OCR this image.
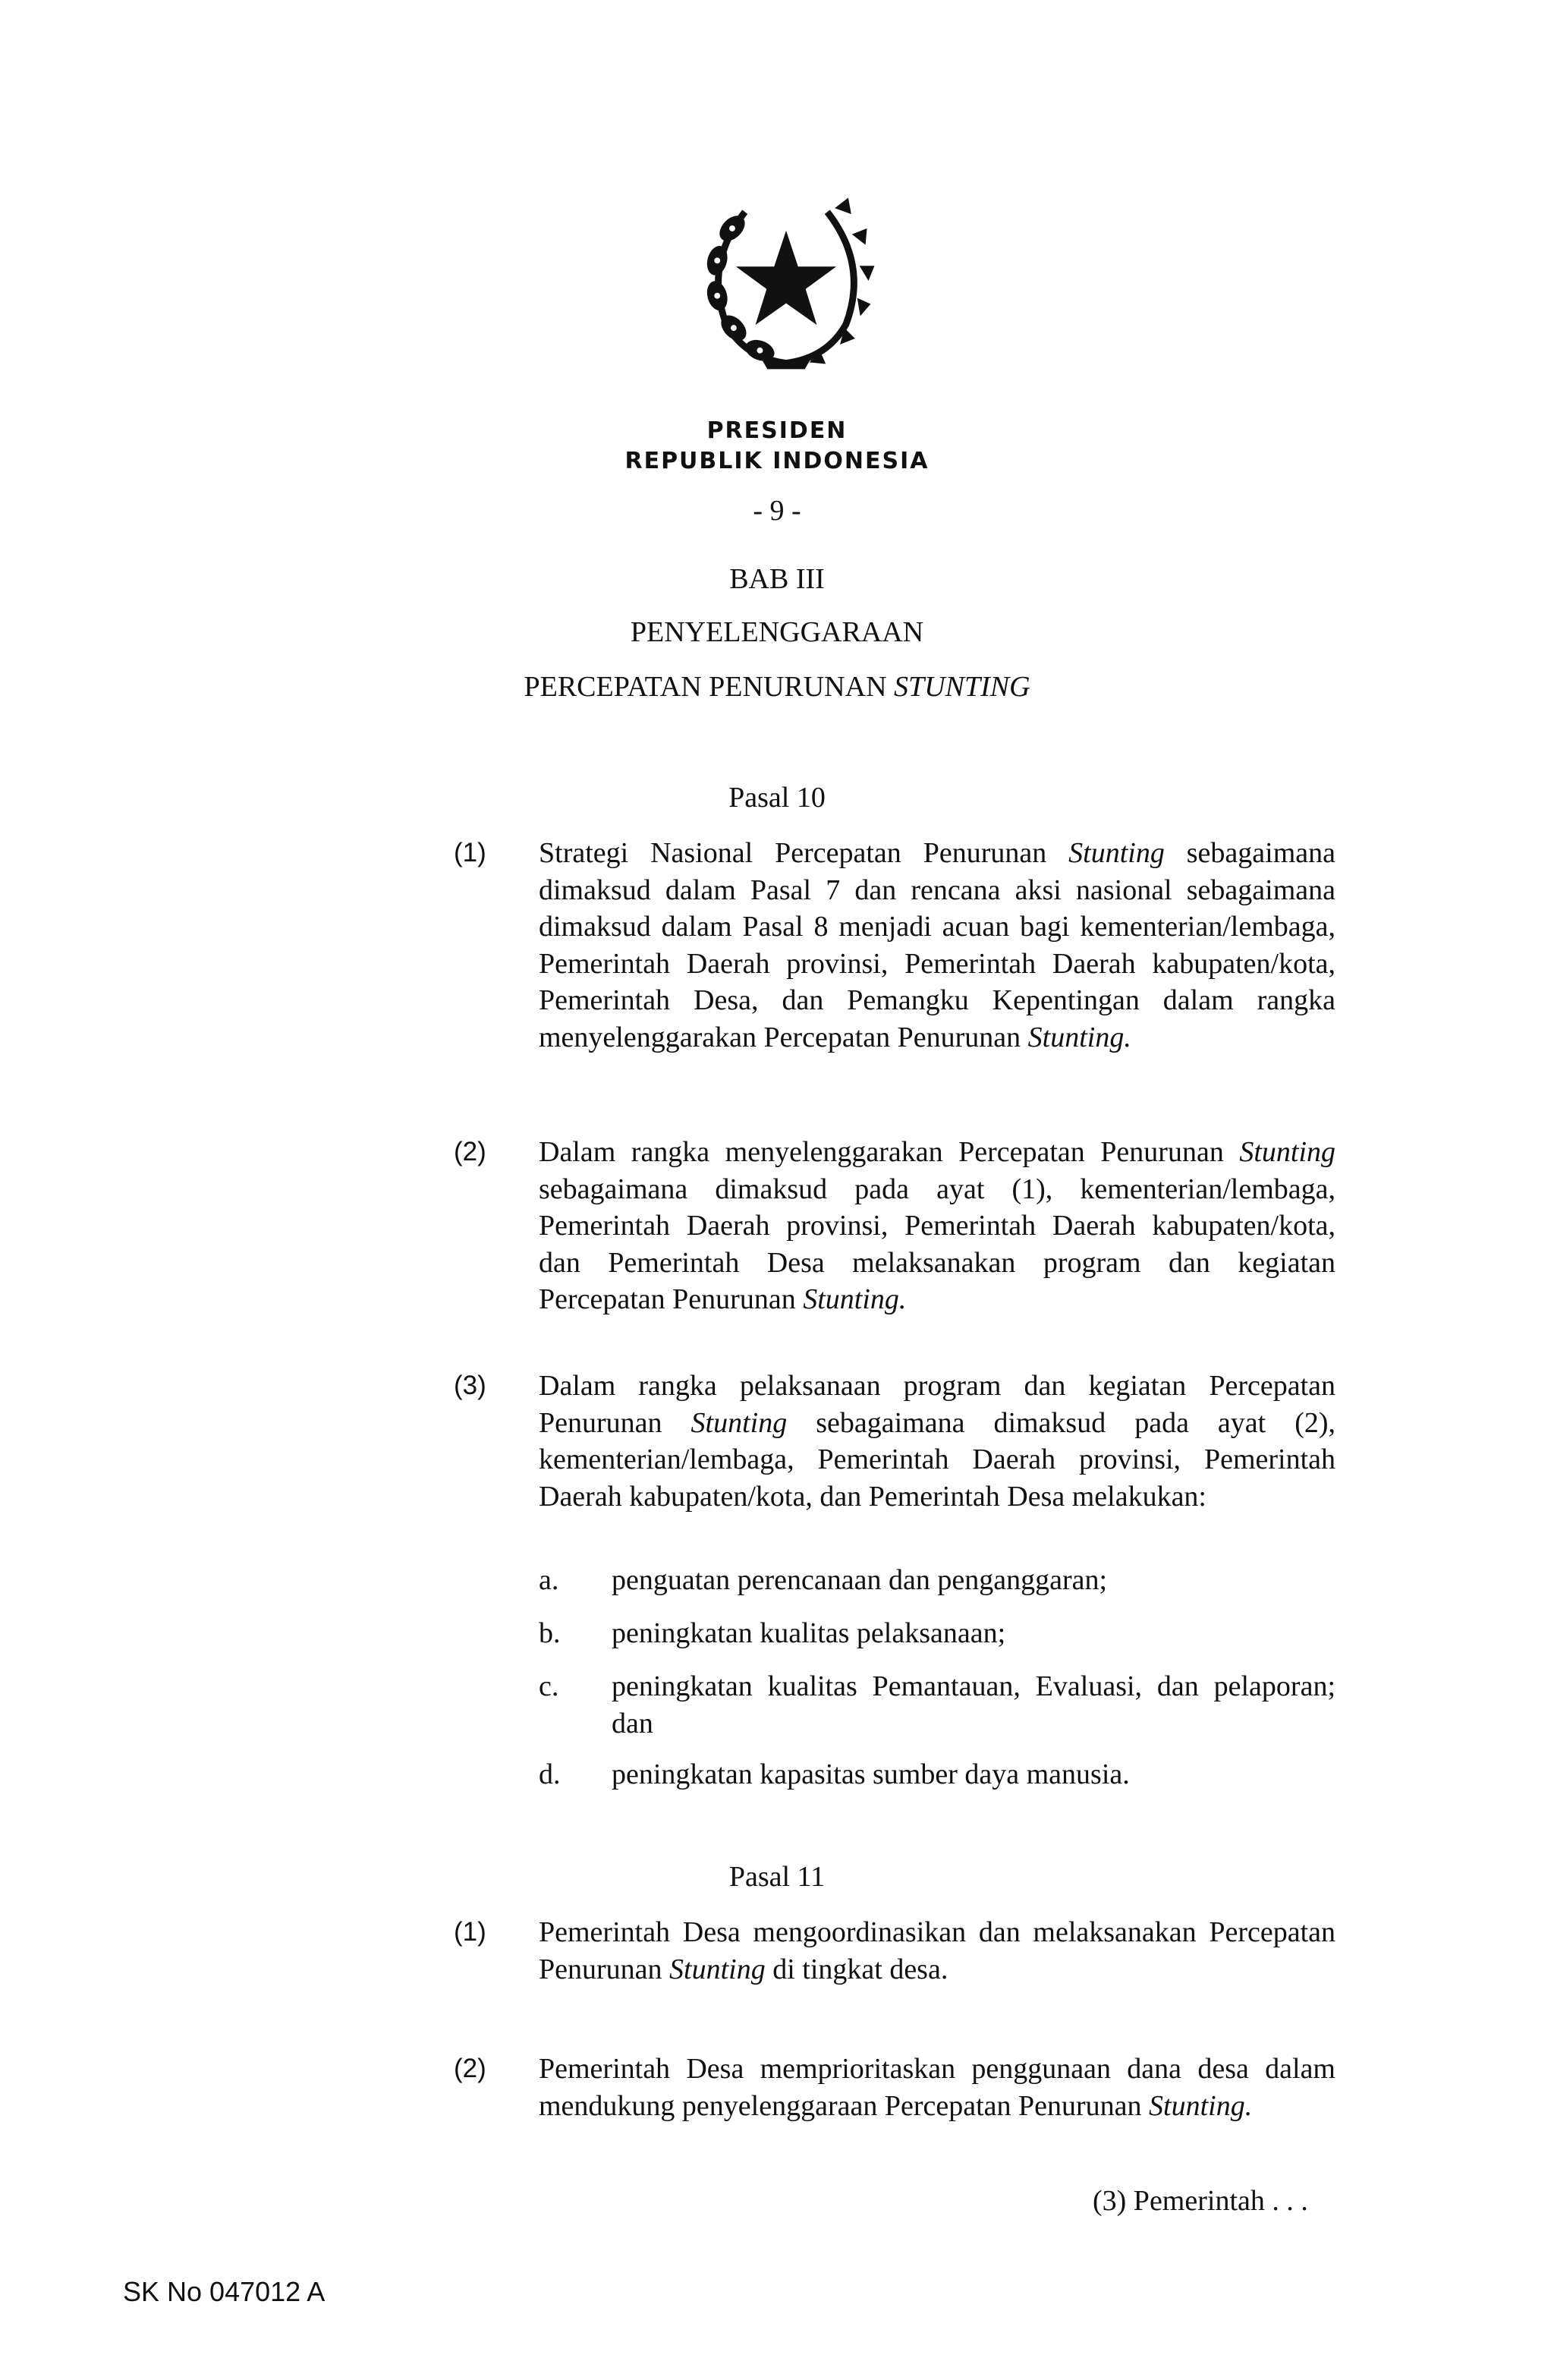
PRESIDEN
REPUBLIK INDONESIA
- 9 -
BAB III
PENYELENGGARAAN
PERCEPATAN PENURUNAN STUNTING
Pasal 10
(1) Strategi Nasional Percepatan Penurunan Stunting sebagaimana dimaksud dalam Pasal 7 dan rencana aksi nasional sebagaimana dimaksud dalam Pasal 8 menjadi acuan bagi kementerian/lembaga, Pemerintah Daerah provinsi, Pemerintah Daerah kabupaten/kota, Pemerintah Desa, dan Pemangku Kepentingan dalam rangka menyelenggarakan Percepatan Penurunan Stunting.
(2) Dalam rangka menyelenggarakan Percepatan Penurunan Stunting sebagaimana dimaksud pada ayat (1), kementerian/lembaga, Pemerintah Daerah provinsi, Pemerintah Daerah kabupaten/kota, dan Pemerintah Desa melaksanakan program dan kegiatan Percepatan Penurunan Stunting.
(3) Dalam rangka pelaksanaan program dan kegiatan Percepatan Penurunan Stunting sebagaimana dimaksud pada ayat (2), kementerian/lembaga, Pemerintah Daerah provinsi, Pemerintah Daerah kabupaten/kota, dan Pemerintah Desa melakukan:
a. penguatan perencanaan dan penganggaran;
b. peningkatan kualitas pelaksanaan;
c. peningkatan kualitas Pemantauan, Evaluasi, dan pelaporan; dan
d. peningkatan kapasitas sumber daya manusia.
Pasal 11
(1) Pemerintah Desa mengoordinasikan dan melaksanakan Percepatan Penurunan Stunting di tingkat desa.
(2) Pemerintah Desa memprioritaskan penggunaan dana desa dalam mendukung penyelenggaraan Percepatan Penurunan Stunting.
(3) Pemerintah . . .
SK No 047012 A
